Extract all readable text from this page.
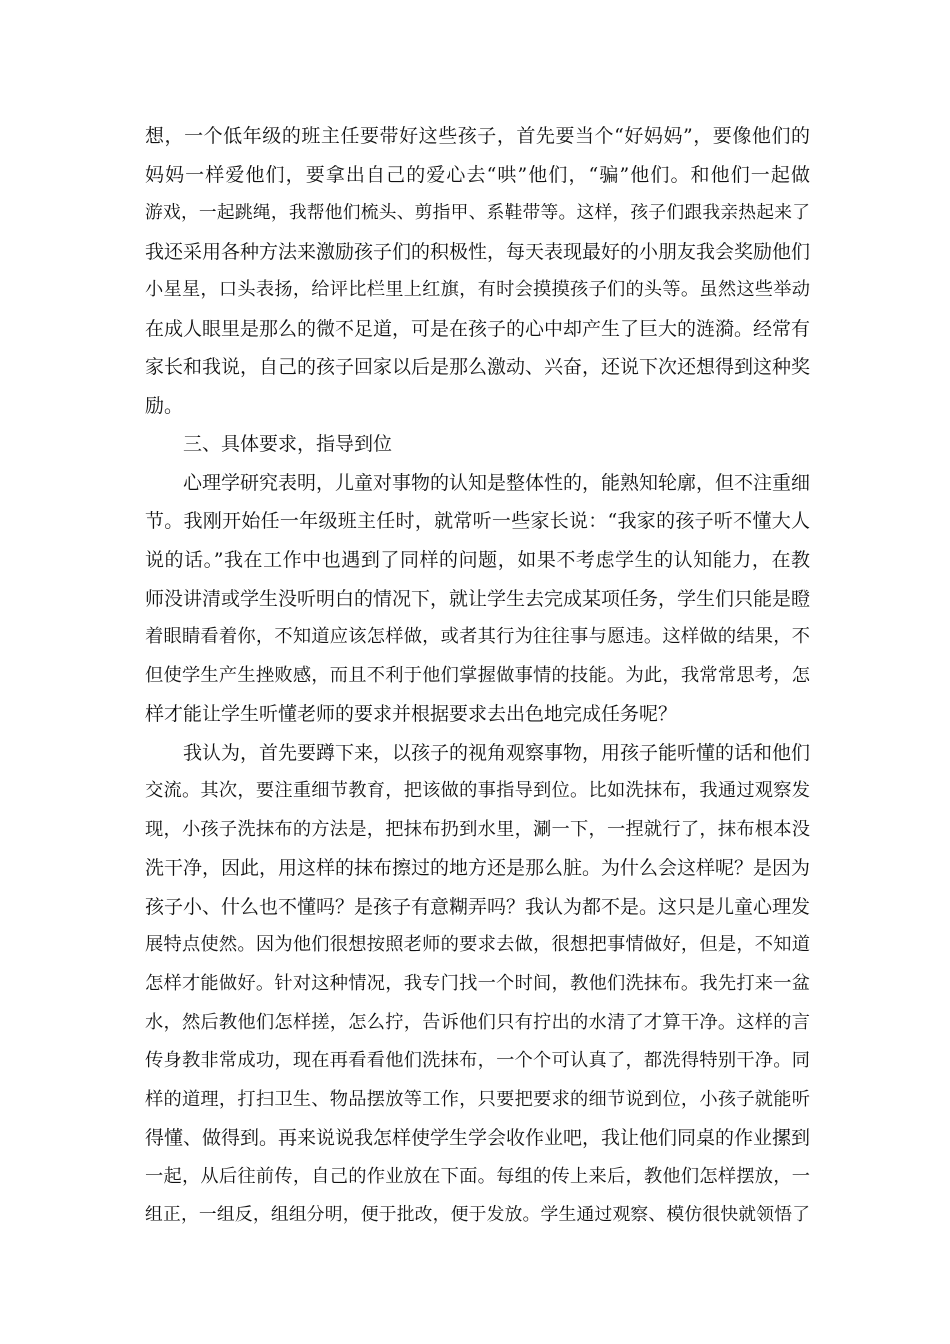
想，一个低年级的班主任要带好这些孩子，首先要当个“好妈妈”，要像他们的
妈妈一样爱他们，要拿出自己的爱心去“哄”他们，“骗”他们。和他们一起做
游戏，一起跳绳，我帮他们梳头、剪指甲、系鞋带等。这样，孩子们跟我亲热起来了
我还采用各种方法来激励孩子们的积极性，每天表现最好的小朋友我会奖励他们
小星星，口头表扬，给评比栏里上红旗，有时会摸摸孩子们的头等。虽然这些举动
在成人眼里是那么的微不足道，可是在孩子的心中却产生了巨大的涟漪。经常有
家长和我说，自己的孩子回家以后是那么激动、兴奋，还说下次还想得到这种奖
励。
三、具体要求，指导到位
心理学研究表明，儿童对事物的认知是整体性的，能熟知轮廓，但不注重细
节。我刚开始任一年级班主任时，就常听一些家长说：“我家的孩子听不懂大人
说的话。”我在工作中也遇到了同样的问题，如果不考虑学生的认知能力，在教
师没讲清或学生没听明白的情况下，就让学生去完成某项任务，学生们只能是瞪
着眼睛看着你，不知道应该怎样做，或者其行为往往事与愿违。这样做的结果，不
但使学生产生挫败感，而且不利于他们掌握做事情的技能。为此，我常常思考，怎
样才能让学生听懂老师的要求并根据要求去出色地完成任务呢？
我认为，首先要蹲下来，以孩子的视角观察事物，用孩子能听懂的话和他们
交流。其次，要注重细节教育，把该做的事指导到位。比如洗抹布，我通过观察发
现，小孩子洗抹布的方法是，把抹布扔到水里，涮一下，一捏就行了，抹布根本没
洗干净，因此，用这样的抹布擦过的地方还是那么脏。为什么会这样呢？是因为
孩子小、什么也不懂吗？是孩子有意糊弄吗？我认为都不是。这只是儿童心理发
展特点使然。因为他们很想按照老师的要求去做，很想把事情做好，但是，不知道
怎样才能做好。针对这种情况，我专门找一个时间，教他们洗抹布。我先打来一盆
水，然后教他们怎样搓，怎么拧，告诉他们只有拧出的水清了才算干净。这样的言
传身教非常成功，现在再看看他们洗抹布，一个个可认真了，都洗得特别干净。同
样的道理，打扫卫生、物品摆放等工作，只要把要求的细节说到位，小孩子就能听
得懂、做得到。再来说说我怎样使学生学会收作业吧，我让他们同桌的作业摞到
一起，从后往前传，自己的作业放在下面。每组的传上来后，教他们怎样摆放，一
组正，一组反，组组分明，便于批改，便于发放。学生通过观察、模仿很快就领悟了
